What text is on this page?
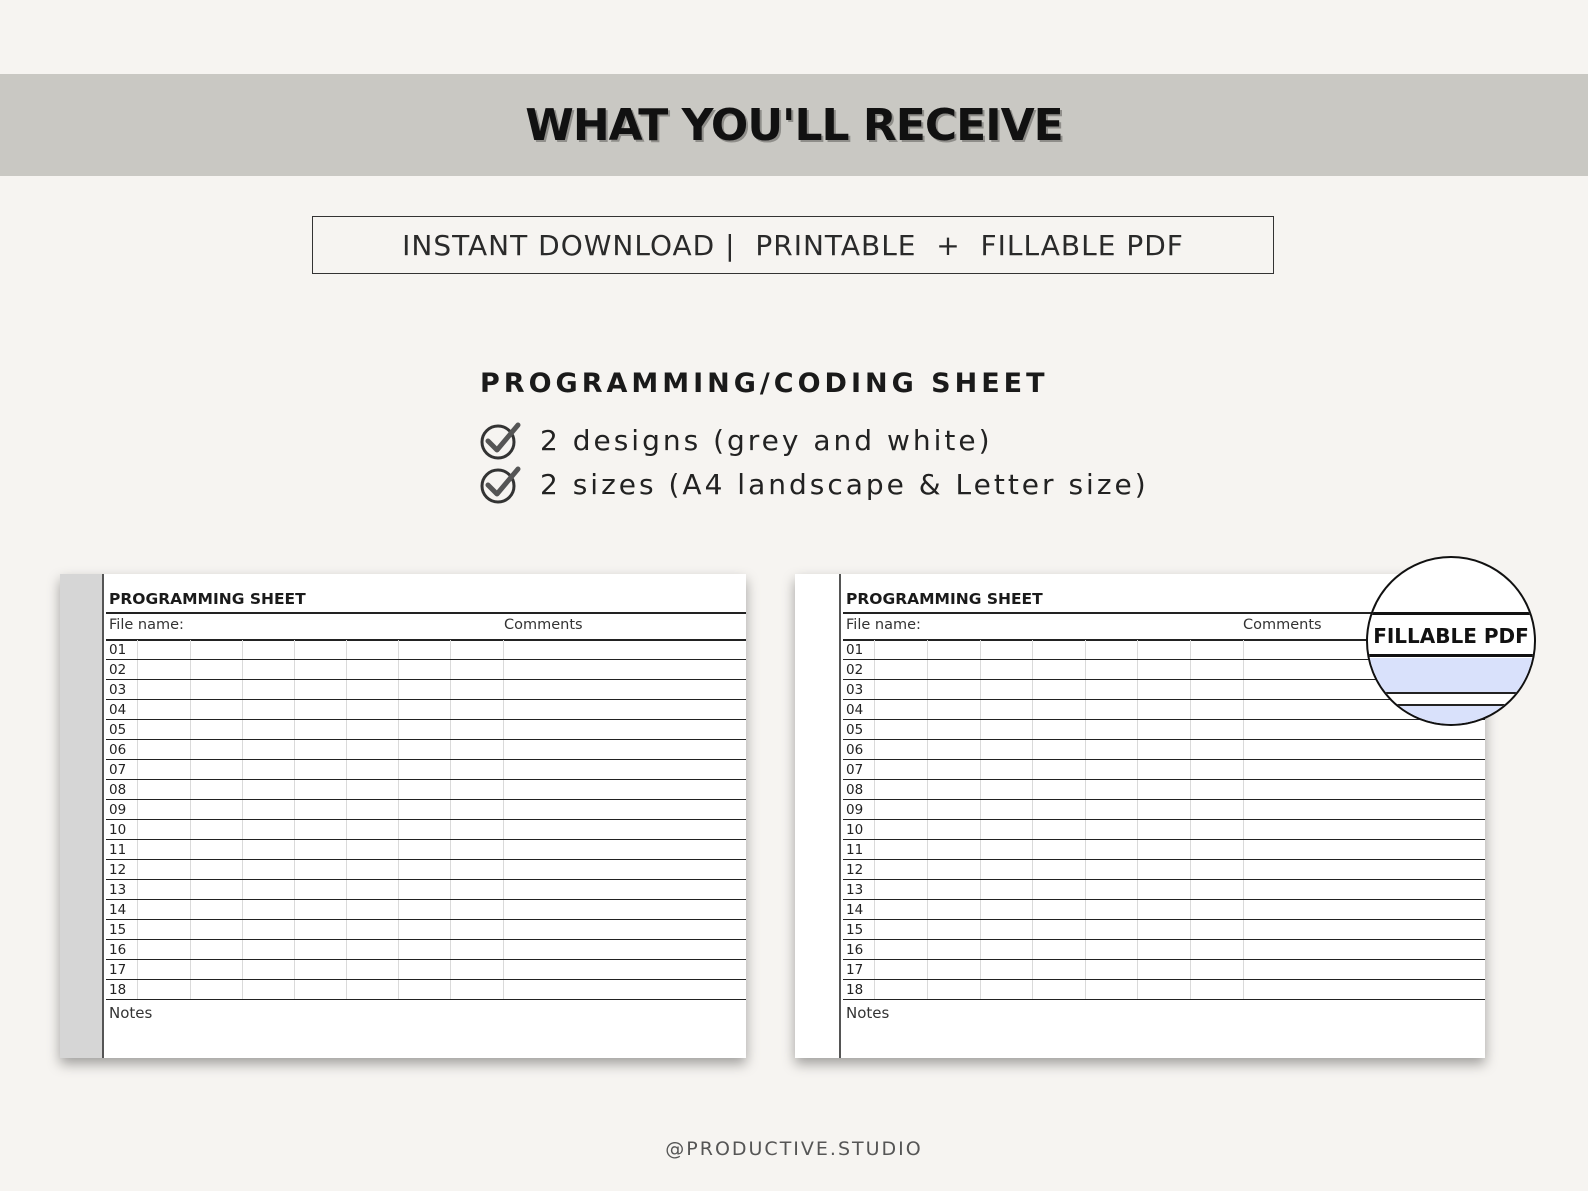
WHAT YOU'LL RECEIVE
INSTANT DOWNLOAD |  PRINTABLE  +  FILLABLE PDF
PROGRAMMING/CODING SHEET
2 designs (grey and white)
2 sizes (A4 landscape & Letter size)
PROGRAMMING SHEET
File name:	Comments
01
02
03
04
05
06
07
08
09
10
11
12
13
14
15
16
17
18
Notes
PROGRAMMING SHEET
File name:	Comments
01
02
03
04
05
06
07
08
09
10
11
12
13
14
15
16
17
18
Notes
FILLABLE PDF
@PRODUCTIVE.STUDIO
